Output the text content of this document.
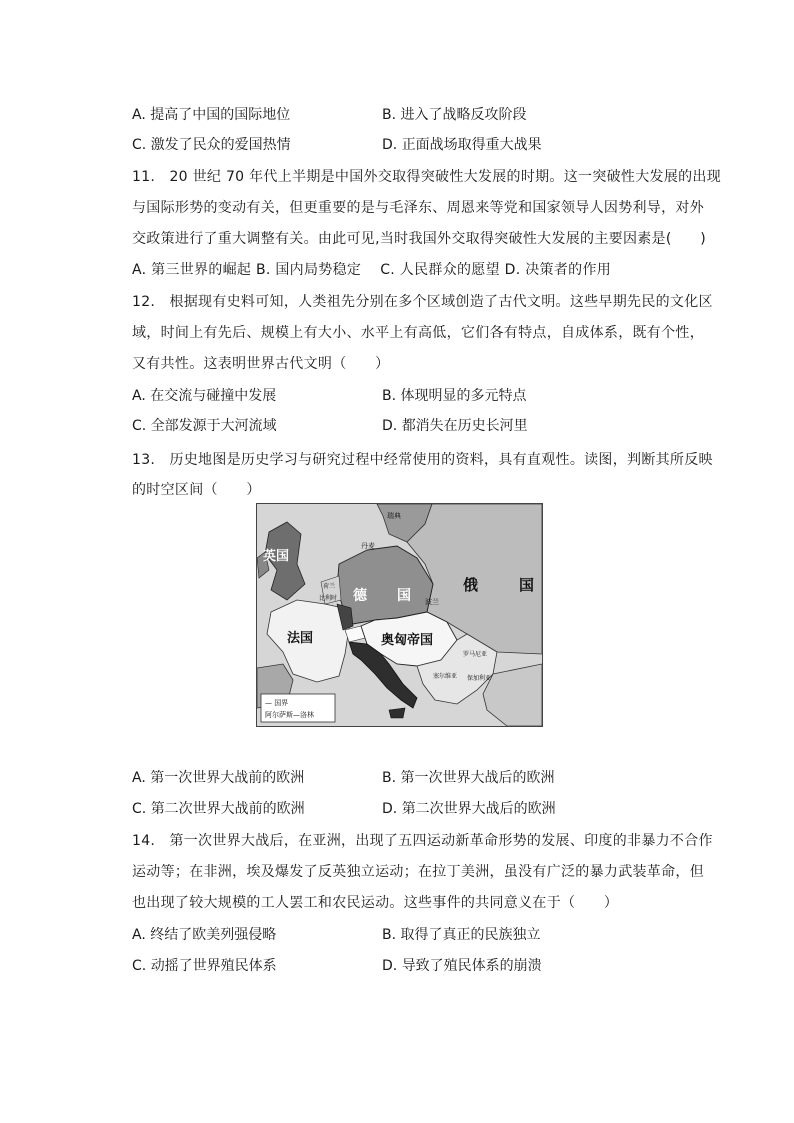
A. 提高了中国的国际地位	B. 进入了战略反攻阶段
C. 激发了民众的爱国热情	D. 正面战场取得重大战果
11. 20 世纪 70 年代上半期是中国外交取得突破性大发展的时期。这一突破性大发展的出现
与国际形势的变动有关，但更重要的是与毛泽东、周恩来等党和国家领导人因势利导，对外
交政策进行了重大调整有关。由此可见,当时我国外交取得突破性大发展的主要因素是(　　)
A. 第三世界的崛起 B. 国内局势稳定　 C. 人民群众的愿望 D. 决策者的作用
12. 根据现有史料可知，人类祖先分别在多个区域创造了古代文明。这些早期先民的文化区
域，时间上有先后、规模上有大小、水平上有高低，它们各有特点，自成体系，既有个性，
又有共性。这表明世界古代文明（　　）
A. 在交流与碰撞中发展	B. 体现明显的多元特点
C. 全部发源于大河流域	D. 都消失在历史长河里
13. 历史地图是历史学习与研究过程中经常使用的资料，具有直观性。读图，判断其所反映
的时空区间（　　）
英国
德 国
俄	国
法国	奥匈帝国
瑞典
丹麦
荷兰
比利时	波兰
罗马尼亚
保加利亚
塞尔维亚
— 国界
阿尔萨斯—洛林
A. 第一次世界大战前的欧洲	B. 第一次世界大战后的欧洲
C. 第二次世界大战前的欧洲	D. 第二次世界大战后的欧洲
14. 第一次世界大战后，在亚洲，出现了五四运动新革命形势的发展、印度的非暴力不合作
运动等；在非洲，埃及爆发了反英独立运动；在拉丁美洲，虽没有广泛的暴力武装革命，但
也出现了较大规模的工人罢工和农民运动。这些事件的共同意义在于（　　）
A. 终结了欧美列强侵略	B. 取得了真正的民族独立
C. 动摇了世界殖民体系	D. 导致了殖民体系的崩溃
